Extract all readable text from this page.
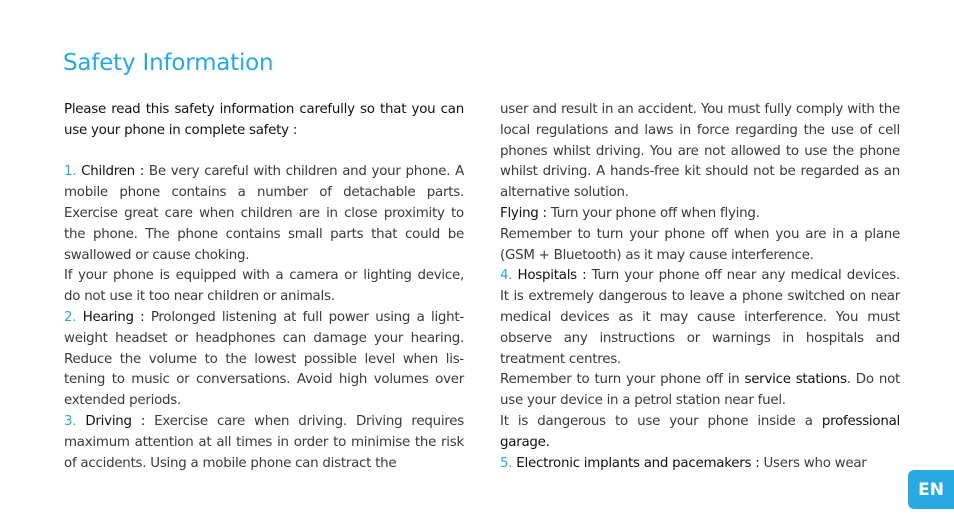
Safety Information

Please read this safety information carefully so that you can use your phone in complete safety :

1. Children : Be very careful with children and your phone. A mobile phone contains a number of detachable parts. Exercise great care when children are in close proximity to the phone. The phone contains small parts that could be swallowed or cause choking.

If your phone is equipped with a camera or lighting device, do not use it too near children or animals.

2. Hearing : Prolonged listening at full power using a light-weight headset or headphones can damage your hearing. Reduce the volume to the lowest possible level when lis-tening to music or conversations. Avoid high volumes over extended periods.

3. Driving : Exercise care when driving. Driving requires maximum attention at all times in order to minimise the risk of accidents. Using a mobile phone can distract the

user and result in an accident. You must fully comply with the local regulations and laws in force regarding the use of cell phones whilst driving. You are not allowed to use the phone whilst driving. A hands-free kit should not be regarded as an alternative solution.

Flying : Turn your phone off when flying.

Remember to turn your phone off when you are in a plane (GSM + Bluetooth) as it may cause interference.

4. Hospitals : Turn your phone off near any medical devices. It is extremely dangerous to leave a phone switched on near medical devices as it may cause interference. You must observe any instructions or warnings in hospitals and treatment centres.

Remember to turn your phone off in service stations. Do not use your device in a petrol station near fuel.

It is dangerous to use your phone inside a professional garage.

5. Electronic implants and pacemakers : Users who wear

EN
